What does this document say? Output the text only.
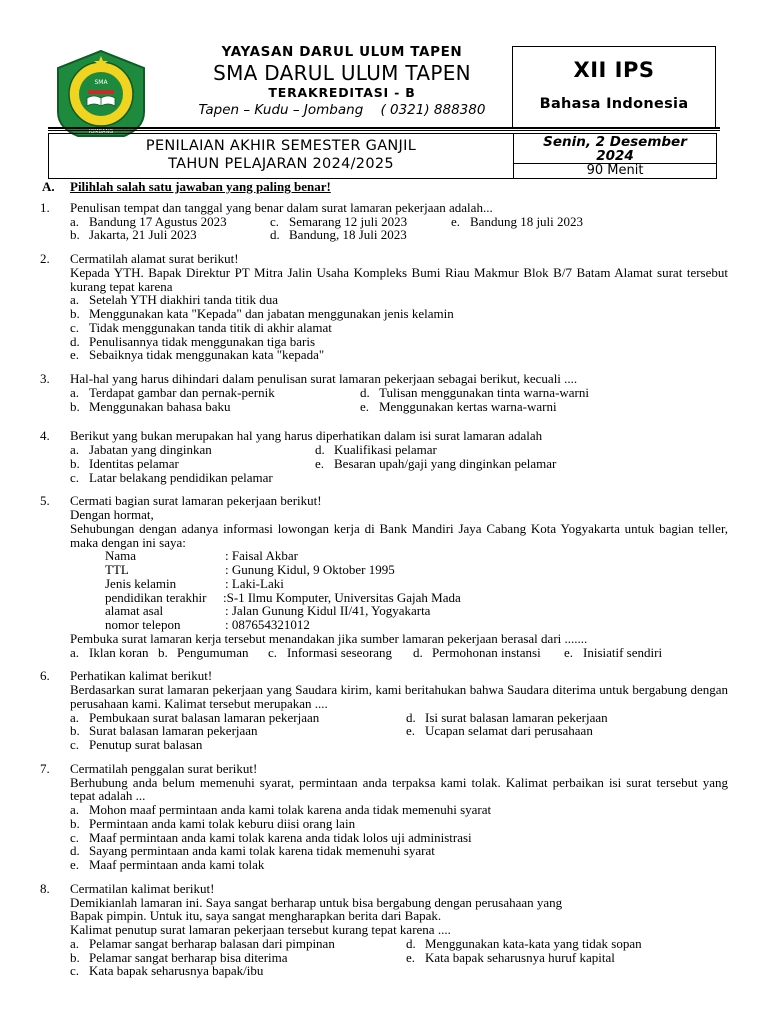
SMA
JOMBANG
YAYASAN DARUL ULUM TAPEN
SMA DARUL ULUM TAPEN
TERAKREDITASI - B
Tapen – Kudu – Jombang    ( 0321) 888380
XII IPS
Bahasa Indonesia
PENILAIAN AKHIR SEMESTER GANJIL
TAHUN PELAJARAN 2024/2025
Senin, 2 Desember
2024
90 Menit
A.	Pilihlah salah satu jawaban yang paling benar!
1.	Penulisan tempat dan tanggal yang benar dalam surat lamaran pekerjaan adalah...
a. Bandung 17 Agustus 2023	c. Semarang 12 juli 2023	e. Bandung 18 juli 2023
b. Jakarta, 21 Juli 2023	d. Bandung, 18 Juli 2023
2.	Cermatilah alamat surat berikut!
Kepada YTH. Bapak Direktur PT Mitra Jalin Usaha Kompleks Bumi Riau Makmur Blok B/7 Batam Alamat surat tersebut kurang tepat karena
a. Setelah YTH diakhiri tanda titik dua
b. Menggunakan kata "Kepada" dan jabatan menggunakan jenis kelamin
c. Tidak menggunakan tanda titik di akhir alamat
d. Penulisannya tidak menggunakan tiga baris
e. Sebaiknya tidak menggunakan kata "kepada"
3.	Hal-hal yang harus dihindari dalam penulisan surat lamaran pekerjaan sebagai berikut, kecuali ....
a. Terdapat gambar dan pernak-pernik	d. Tulisan menggunakan tinta warna-warni
b. Menggunakan bahasa baku	e. Menggunakan kertas warna-warni
4.	Berikut yang bukan merupakan hal yang harus diperhatikan dalam isi surat lamaran adalah
a. Jabatan yang dinginkan	d. Kualifikasi pelamar
b. Identitas pelamar	e. Besaran upah/gaji yang dinginkan pelamar
c. Latar belakang pendidikan pelamar
5.	Cermati bagian surat lamaran pekerjaan berikut!
Dengan hormat,
Sehubungan dengan adanya informasi lowongan kerja di Bank Mandiri Jaya Cabang Kota Yogyakarta untuk bagian teller, maka dengan ini saya:
Nama	: Faisal Akbar
TTL	: Gunung Kidul, 9 Oktober 1995
Jenis kelamin	: Laki-Laki
pendidikan terakhir	:S-1 Ilmu Komputer, Universitas Gajah Mada
alamat asal	: Jalan Gunung Kidul II/41, Yogyakarta
nomor telepon	: 087654321012
Pembuka surat lamaran kerja tersebut menandakan jika sumber lamaran pekerjaan berasal dari .......
a. Iklan koran b. Pengumuman c. Informasi seseorang d. Permohonan instansi e. Inisiatif sendiri
6.	Perhatikan kalimat berikut!
Berdasarkan surat lamaran pekerjaan yang Saudara kirim, kami beritahukan bahwa Saudara diterima untuk bergabung dengan perusahaan kami. Kalimat tersebut merupakan ....
a. Pembukaan surat balasan lamaran pekerjaan	d. Isi surat balasan lamaran pekerjaan
b. Surat balasan lamaran pekerjaan	e. Ucapan selamat dari perusahaan
c. Penutup surat balasan
7.	Cermatilah penggalan surat berikut!
Berhubung anda belum memenuhi syarat, permintaan anda terpaksa kami tolak. Kalimat perbaikan isi surat tersebut yang tepat adalah ...
a. Mohon maaf permintaan anda kami tolak karena anda tidak memenuhi syarat
b. Permintaan anda kami tolak keburu diisi orang lain
c. Maaf permintaan anda kami tolak karena anda tidak lolos uji administrasi
d. Sayang permintaan anda kami tolak karena tidak memenuhi syarat
e. Maaf permintaan anda kami tolak
8.	Cermatilan kalimat berikut!
Demikianlah lamaran ini. Saya sangat berharap untuk bisa bergabung dengan perusahaan yang
Bapak pimpin. Untuk itu, saya sangat mengharapkan berita dari Bapak.
Kalimat penutup surat lamaran pekerjaan tersebut kurang tepat karena ....
a. Pelamar sangat berharap balasan dari pimpinan	d. Menggunakan kata-kata yang tidak sopan
b. Pelamar sangat berharap bisa diterima	e. Kata bapak seharusnya huruf kapital
c. Kata bapak seharusnya bapak/ibu
